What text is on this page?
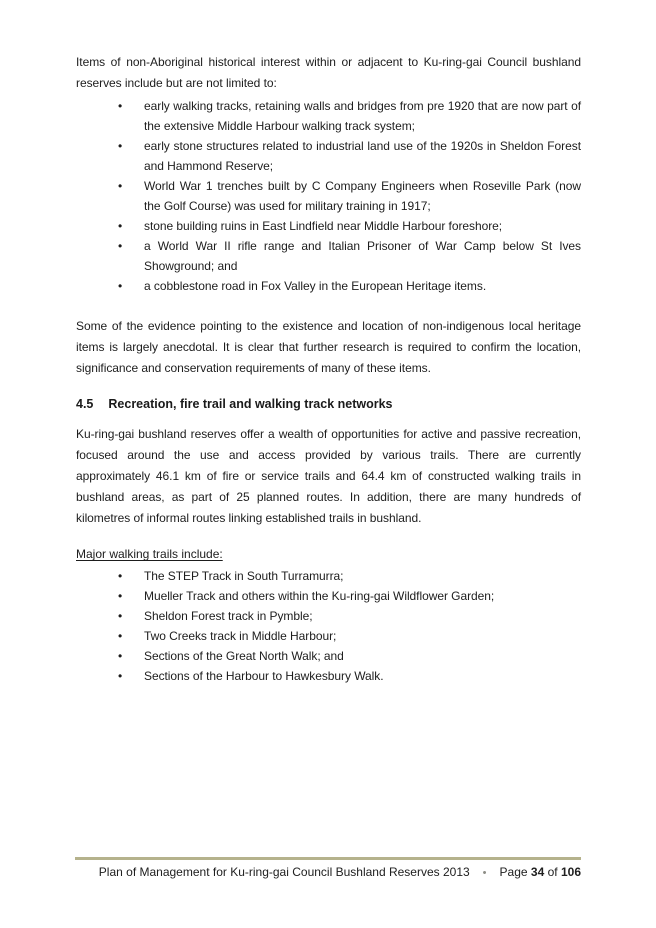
Items of non-Aboriginal historical interest within or adjacent to Ku-ring-gai Council bushland reserves include but are not limited to:

• early walking tracks, retaining walls and bridges from pre 1920 that are now part of the extensive Middle Harbour walking track system;
• early stone structures related to industrial land use of the 1920s in Sheldon Forest and Hammond Reserve;
• World War 1 trenches built by C Company Engineers when Roseville Park (now the Golf Course) was used for military training in 1917;
• stone building ruins in East Lindfield near Middle Harbour foreshore;
• a World War II rifle range and Italian Prisoner of War Camp below St Ives Showground; and
• a cobblestone road in Fox Valley in the European Heritage items.

Some of the evidence pointing to the existence and location of non-indigenous local heritage items is largely anecdotal. It is clear that further research is required to confirm the location, significance and conservation requirements of many of these items.

4.5 Recreation, fire trail and walking track networks

Ku-ring-gai bushland reserves offer a wealth of opportunities for active and passive recreation, focused around the use and access provided by various trails. There are currently approximately 46.1 km of fire or service trails and 64.4 km of constructed walking trails in bushland areas, as part of 25 planned routes. In addition, there are many hundreds of kilometres of informal routes linking established trails in bushland.

Major walking trails include:

• The STEP Track in South Turramurra;
• Mueller Track and others within the Ku-ring-gai Wildflower Garden;
• Sheldon Forest track in Pymble;
• Two Creeks track in Middle Harbour;
• Sections of the Great North Walk; and
• Sections of the Harbour to Hawkesbury Walk.
Plan of Management for Ku-ring-gai Council Bushland Reserves 2013 • Page 34 of 106
